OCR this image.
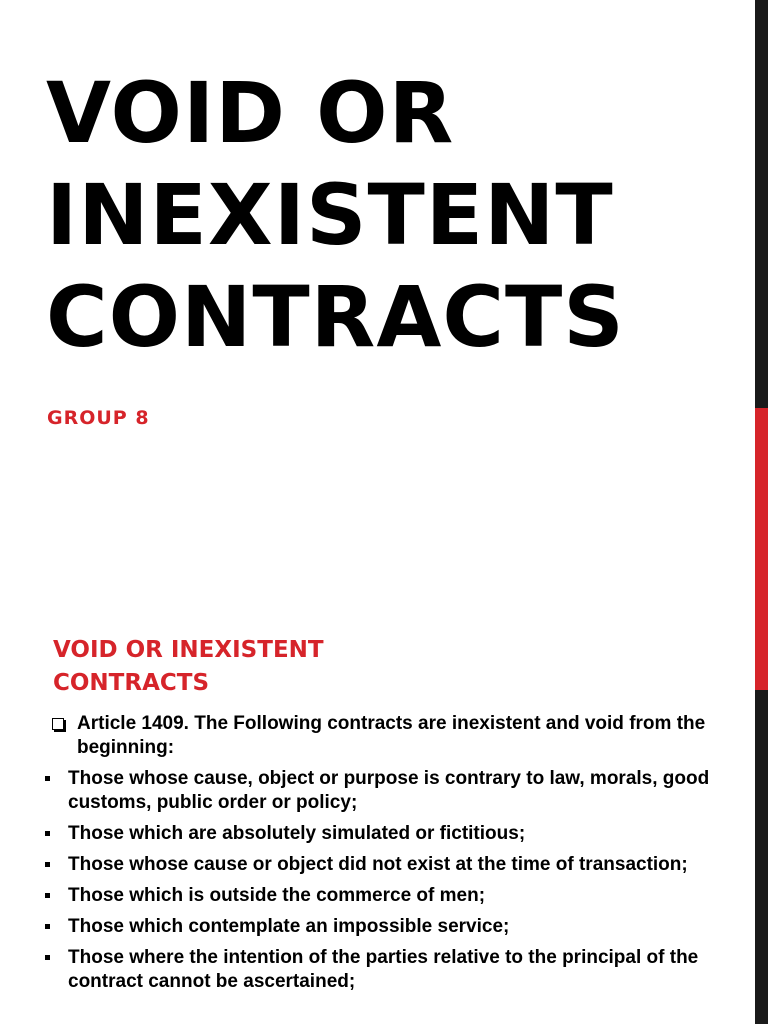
VOID OR INEXISTENT CONTRACTS

GROUP 8

VOID OR INEXISTENT CONTRACTS
Article 1409. The Following contracts are inexistent and void from the beginning:
Those whose cause, object or purpose is contrary to law, morals, good customs, public order or policy;
Those which are absolutely simulated or fictitious;
Those whose cause or object did not exist at the time of transaction;
Those which is outside the commerce of men;
Those which contemplate an impossible service;
Those where the intention of the parties relative to the principal of the contract cannot be ascertained;
